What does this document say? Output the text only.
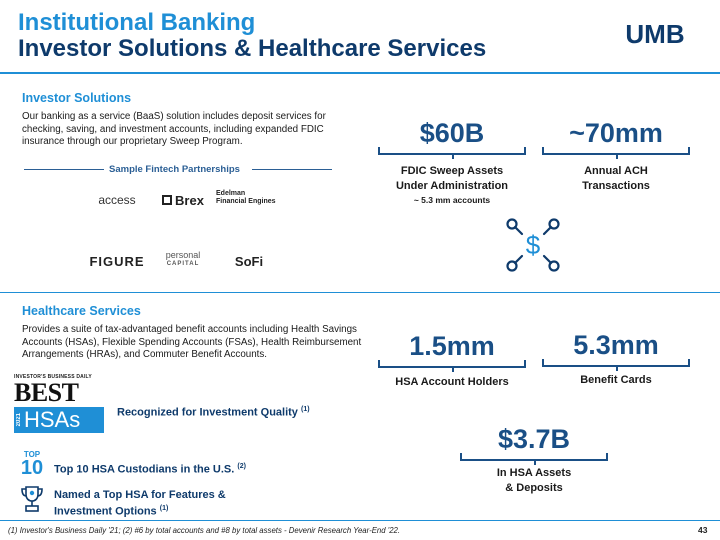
Institutional Banking
Investor Solutions & Healthcare Services	UMB
Investor Solutions
Our banking as a service (BaaS) solution includes deposit services for checking, saving, and investment accounts, including expanded FDIC insurance through our proprietary Sweep Program.
Sample Fintech Partnerships
access	Brex Edelman
Financial Engines
FIGURE personal
CAPITAL	SoFi
$60B
FDIC Sweep Assets
Under Administration
~ 5.3 mm accounts
~70mm
Annual ACH
Transactions
$
Healthcare Services
Provides a suite of tax-advantaged benefit accounts including Health Savings Accounts (HSAs), Flexible Spending Accounts (FSAs), Health Reimbursement Arrangements (HRAs), and Commuter Benefit Accounts.
INVESTOR'S BUSINESS DAILY
BEST
2021 HSAs	Recognized for Investment Quality $^{(1)}$
TOP
10 Top 10 HSA Custodians in the U.S. $^{(2)}$
Named a Top HSA for Features &
Investment Options $^{(1)}$
1.5mm
HSA Account Holders
5.3mm
Benefit Cards
$3.7B
In HSA Assets
& Deposits
(1) Investor's Business Daily '21; (2) #6 by total accounts and #8 by total assets - Devenir Research Year-End '22.	43
